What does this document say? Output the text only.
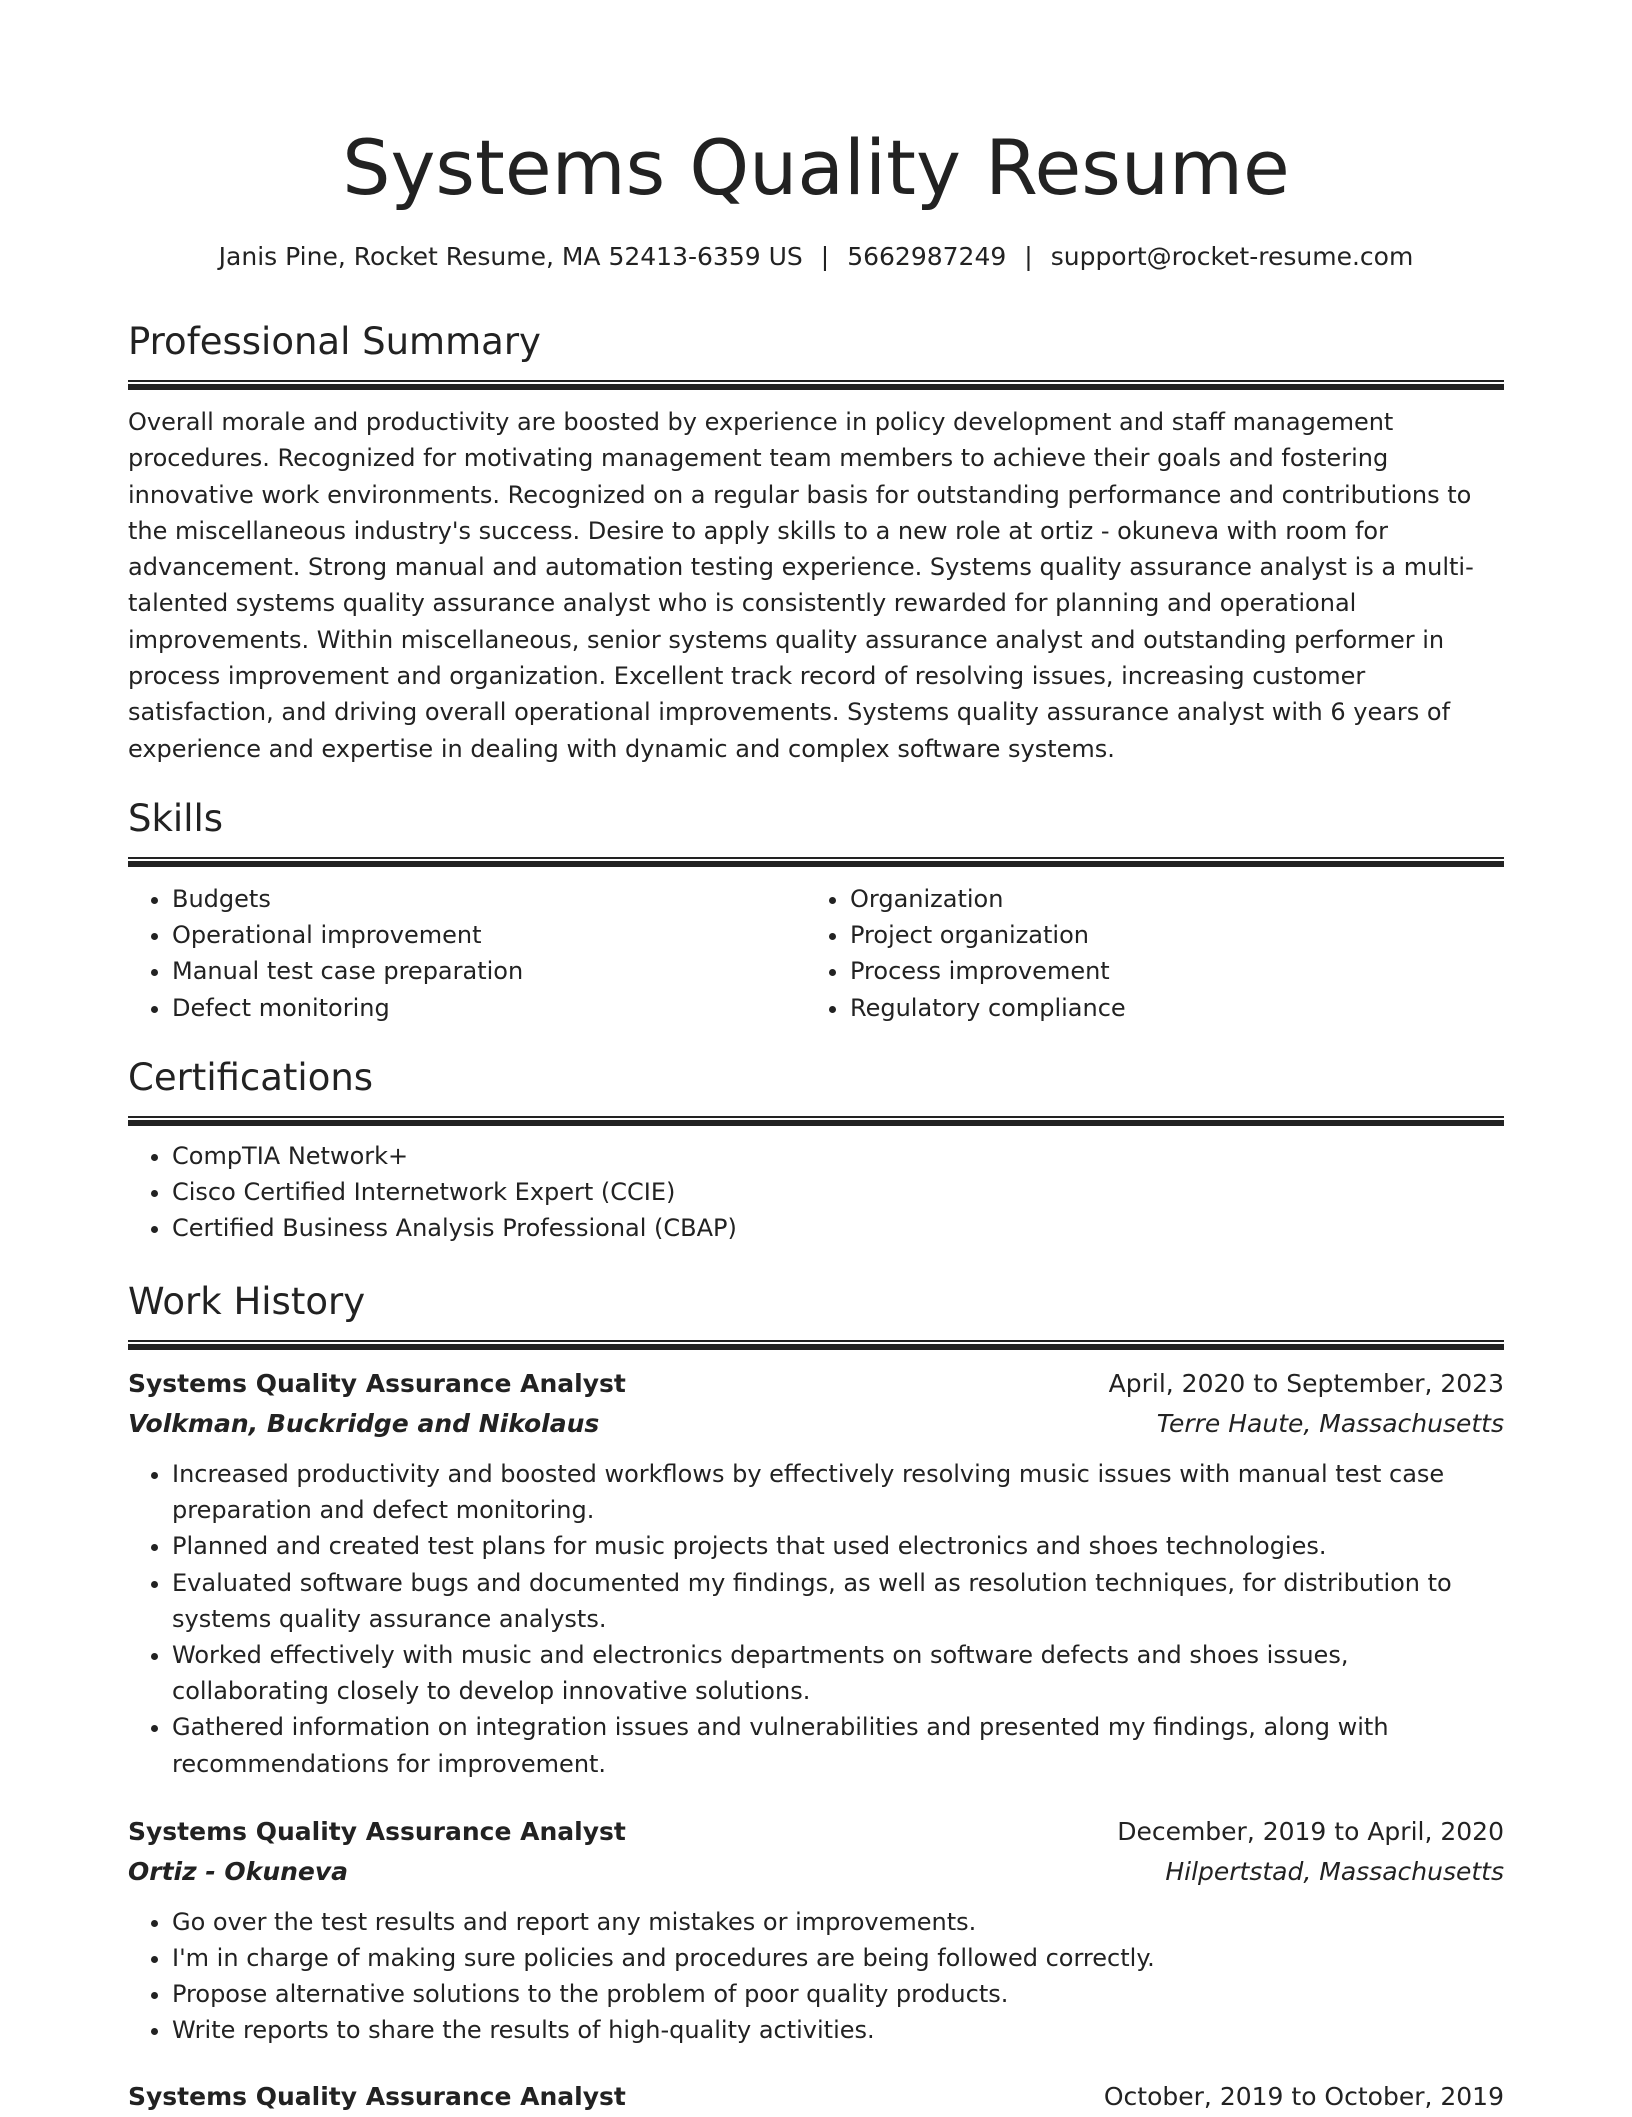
Systems Quality Resume
Janis Pine, Rocket Resume, MA 52413-6359 US | 5662987249 | support@rocket-resume.com
Professional Summary

Overall morale and productivity are boosted by experience in policy development and staff management procedures. Recognized for motivating management team members to achieve their goals and fostering innovative work environments. Recognized on a regular basis for outstanding performance and contributions to the miscellaneous industry's success. Desire to apply skills to a new role at ortiz - okuneva with room for advancement. Strong manual and automation testing experience. Systems quality assurance analyst is a multi-talented systems quality assurance analyst who is consistently rewarded for planning and operational improvements. Within miscellaneous, senior systems quality assurance analyst and outstanding performer in process improvement and organization. Excellent track record of resolving issues, increasing customer satisfaction, and driving overall operational improvements. Systems quality assurance analyst with 6 years of experience and expertise in dealing with dynamic and complex software systems.

Skills
• Budgets
• Operational improvement
• Manual test case preparation
• Defect monitoring
• Organization
• Project organization
• Process improvement
• Regulatory compliance
Certifications
• CompTIA Network+
• Cisco Certified Internetwork Expert (CCIE)
• Certified Business Analysis Professional (CBAP)
Work History
Systems Quality Assurance Analyst	April, 2020 to September, 2023
Volkman, Buckridge and Nikolaus	Terre Haute, Massachusetts
• Increased productivity and boosted workflows by effectively resolving music issues with manual test case preparation and defect monitoring.
• Planned and created test plans for music projects that used electronics and shoes technologies.
• Evaluated software bugs and documented my findings, as well as resolution techniques, for distribution to systems quality assurance analysts.
• Worked effectively with music and electronics departments on software defects and shoes issues, collaborating closely to develop innovative solutions.
• Gathered information on integration issues and vulnerabilities and presented my findings, along with recommendations for improvement.
Systems Quality Assurance Analyst	December, 2019 to April, 2020
Ortiz - Okuneva	Hilpertstad, Massachusetts
• Go over the test results and report any mistakes or improvements.
• I'm in charge of making sure policies and procedures are being followed correctly.
• Propose alternative solutions to the problem of poor quality products.
• Write reports to share the results of high-quality activities.
Systems Quality Assurance Analyst	October, 2019 to October, 2019
